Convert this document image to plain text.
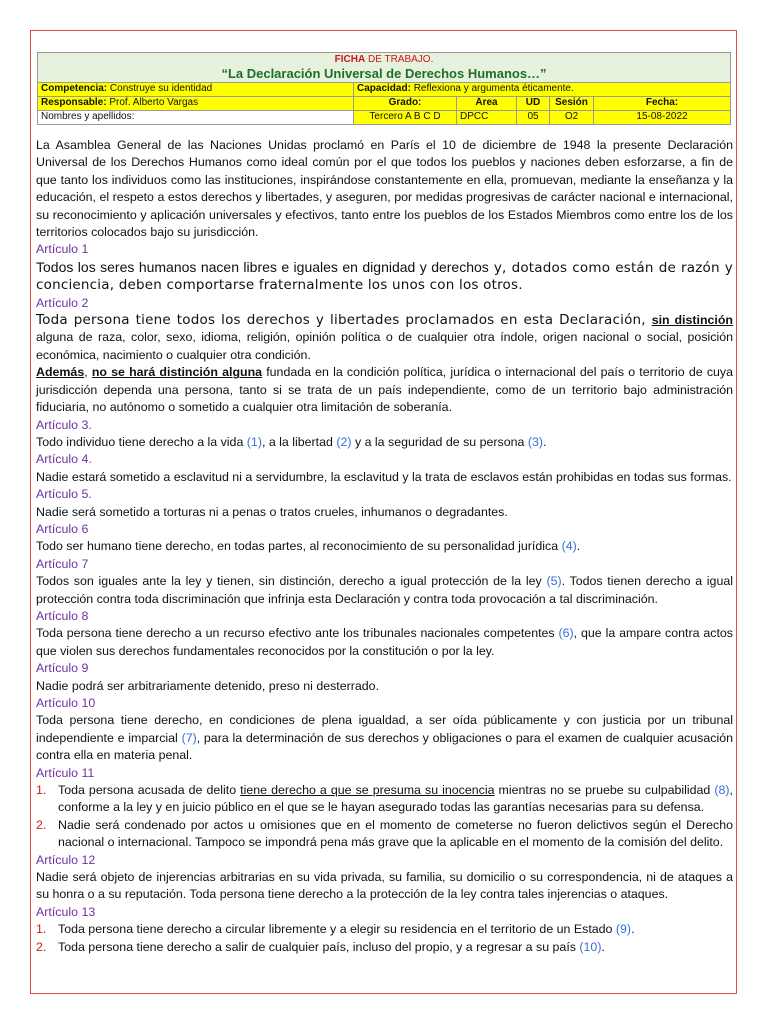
FICHA DE TRABAJO.
“La Declaración Universal de Derechos Humanos…”
Competencia: Construye su identidad	Capacidad: Reflexiona y argumenta éticamente.
Responsable: Prof. Alberto Vargas	Grado:	Área	UD	Sesión	Fecha:
Nombres y apellidos:	Tercero A B C D	DPCC	05	O2	15-08-2022

La Asamblea General de las Naciones Unidas proclamó en París el 10 de diciembre de 1948 la presente Declaración Universal de los Derechos Humanos como ideal común por el que todos los pueblos y naciones deben esforzarse, a fin de que tanto los individuos como las instituciones, inspirándose constantemente en ella, promuevan, mediante la enseñanza y la educación, el respeto a estos derechos y libertades, y aseguren, por medidas progresivas de carácter nacional e internacional, su reconocimiento y aplicación universales y efectivos, tanto entre los pueblos de los Estados Miembros como entre los de los territorios colocados bajo su jurisdicción.

Artículo 1

Todos los seres humanos nacen libres e iguales en dignidad y derechos y, dotados como están de razón y conciencia, deben comportarse fraternalmente los unos con los otros.

Artículo 2

Toda persona tiene todos los derechos y libertades proclamados en esta Declaración, sin distinción alguna de raza, color, sexo, idioma, religión, opinión política o de cualquier otra índole, origen nacional o social, posición económica, nacimiento o cualquier otra condición.

Además, no se hará distinción alguna fundada en la condición política, jurídica o internacional del país o territorio de cuya jurisdicción dependa una persona, tanto si se trata de un país independiente, como de un territorio bajo administración fiduciaria, no autónomo o sometido a cualquier otra limitación de soberanía.

Artículo 3.

Todo individuo tiene derecho a la vida (1), a la libertad (2) y a la seguridad de su persona (3).

Artículo 4.

Nadie estará sometido a esclavitud ni a servidumbre, la esclavitud y la trata de esclavos están prohibidas en todas sus formas.

Artículo 5.

Nadie será sometido a torturas ni a penas o tratos crueles, inhumanos o degradantes.

Artículo 6

Todo ser humano tiene derecho, en todas partes, al reconocimiento de su personalidad jurídica (4).

Artículo 7

Todos son iguales ante la ley y tienen, sin distinción, derecho a igual protección de la ley (5). Todos tienen derecho a igual protección contra toda discriminación que infrinja esta Declaración y contra toda provocación a tal discriminación.

Artículo 8

Toda persona tiene derecho a un recurso efectivo ante los tribunales nacionales competentes (6), que la ampare contra actos que violen sus derechos fundamentales reconocidos por la constitución o por la ley.

Artículo 9

Nadie podrá ser arbitrariamente detenido, preso ni desterrado.

Artículo 10

Toda persona tiene derecho, en condiciones de plena igualdad, a ser oída públicamente y con justicia por un tribunal independiente e imparcial (7), para la determinación de sus derechos y obligaciones o para el examen de cualquier acusación contra ella en materia penal.

Artículo 11

1. Toda persona acusada de delito tiene derecho a que se presuma su inocencia mientras no se pruebe su culpabilidad (8), conforme a la ley y en juicio público en el que se le hayan asegurado todas las garantías necesarias para su defensa.
2. Nadie será condenado por actos u omisiones que en el momento de cometerse no fueron delictivos según el Derecho nacional o internacional. Tampoco se impondrá pena más grave que la aplicable en el momento de la comisión del delito.

Artículo 12

Nadie será objeto de injerencias arbitrarias en su vida privada, su familia, su domicilio o su correspondencia, ni de ataques a su honra o a su reputación. Toda persona tiene derecho a la protección de la ley contra tales injerencias o ataques.

Artículo 13

1. Toda persona tiene derecho a circular libremente y a elegir su residencia en el territorio de un Estado (9).
2. Toda persona tiene derecho a salir de cualquier país, incluso del propio, y a regresar a su país (10).
